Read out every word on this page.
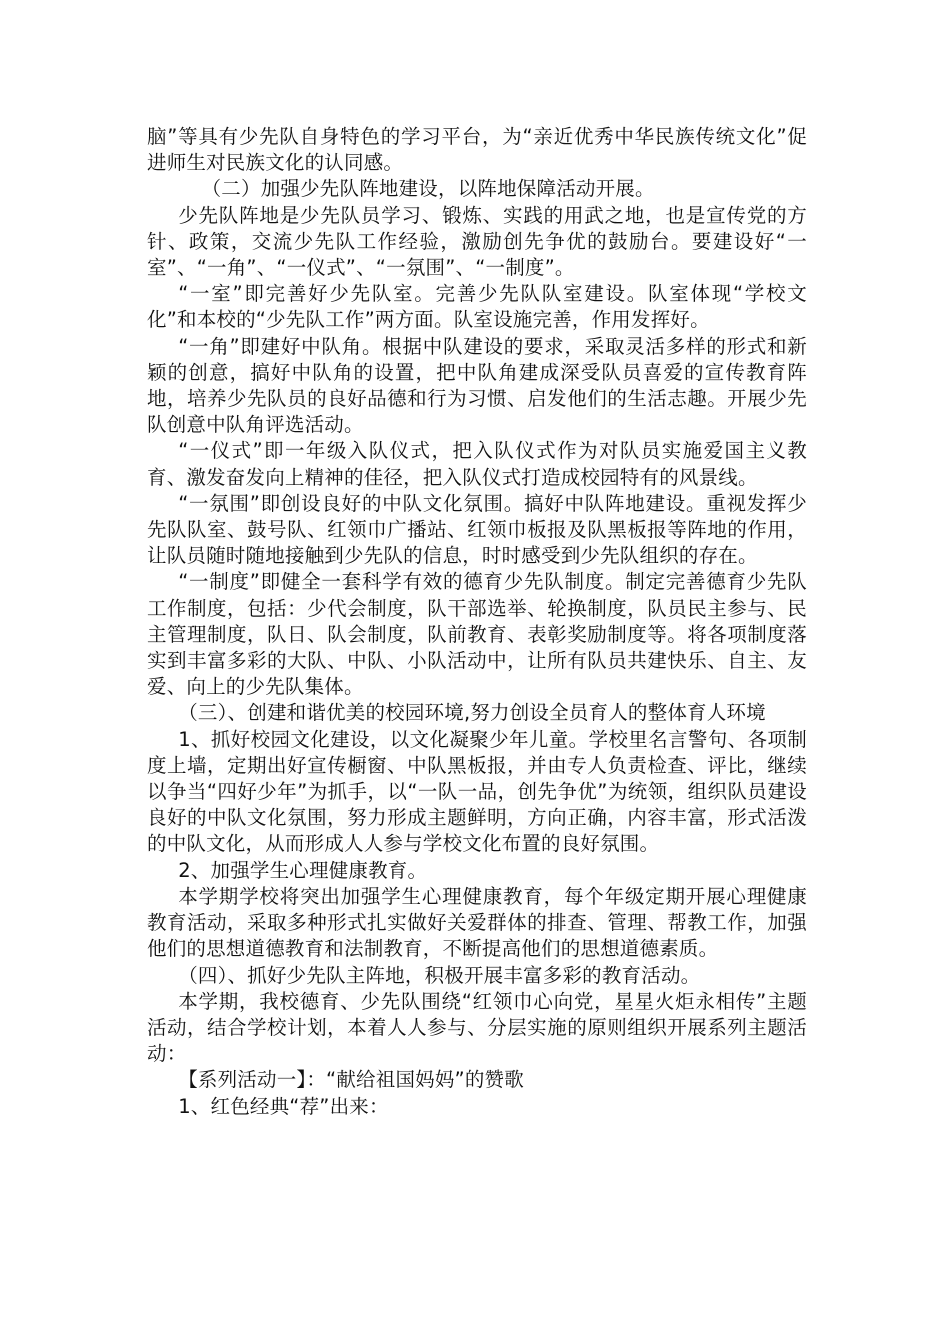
脑”等具有少先队自身特色的学习平台，为“亲近优秀中华民族传统文化”促进师生对民族文化的认同感。

（二）加强少先队阵地建设，以阵地保障活动开展。

少先队阵地是少先队员学习、锻炼、实践的用武之地，也是宣传党的方针、政策，交流少先队工作经验，激励创先争优的鼓励台。要建设好“一室”、“一角”、“一仪式”、“一氛围”、“一制度”。

“一室”即完善好少先队室。完善少先队队室建设。队室体现“学校文化”和本校的“少先队工作”两方面。队室设施完善，作用发挥好。

“一角”即建好中队角。根据中队建设的要求，采取灵活多样的形式和新颖的创意，搞好中队角的设置，把中队角建成深受队员喜爱的宣传教育阵地，培养少先队员的良好品德和行为习惯、启发他们的生活志趣。开展少先队创意中队角评选活动。

“一仪式”即一年级入队仪式，把入队仪式作为对队员实施爱国主义教育、激发奋发向上精神的佳径，把入队仪式打造成校园特有的风景线。

“一氛围”即创设良好的中队文化氛围。搞好中队阵地建设。重视发挥少先队队室、鼓号队、红领巾广播站、红领巾板报及队黑板报等阵地的作用，让队员随时随地接触到少先队的信息，时时感受到少先队组织的存在。

“一制度”即健全一套科学有效的德育少先队制度。制定完善德育少先队工作制度，包括：少代会制度，队干部选举、轮换制度，队员民主参与、民主管理制度，队日、队会制度，队前教育、表彰奖励制度等。将各项制度落实到丰富多彩的大队、中队、小队活动中，让所有队员共建快乐、自主、友爱、向上的少先队集体。

（三）、创建和谐优美的校园环境,努力创设全员育人的整体育人环境

1、抓好校园文化建设，以文化凝聚少年儿童。学校里名言警句、各项制度上墙，定期出好宣传橱窗、中队黑板报，并由专人负责检查、评比，继续以争当“四好少年”为抓手，以“一队一品，创先争优”为统领，组织队员建设良好的中队文化氛围，努力形成主题鲜明，方向正确，内容丰富，形式活泼的中队文化，从而形成人人参与学校文化布置的良好氛围。

2、加强学生心理健康教育。

本学期学校将突出加强学生心理健康教育，每个年级定期开展心理健康教育活动，采取多种形式扎实做好关爱群体的排查、管理、帮教工作，加强他们的思想道德教育和法制教育，不断提高他们的思想道德素质。

（四）、抓好少先队主阵地，积极开展丰富多彩的教育活动。

本学期，我校德育、少先队围绕“红领巾心向党，星星火炬永相传”主题活动，结合学校计划，本着人人参与、分层实施的原则组织开展系列主题活动：

【系列活动一】：“献给祖国妈妈”的赞歌

1、红色经典“荐”出来：
